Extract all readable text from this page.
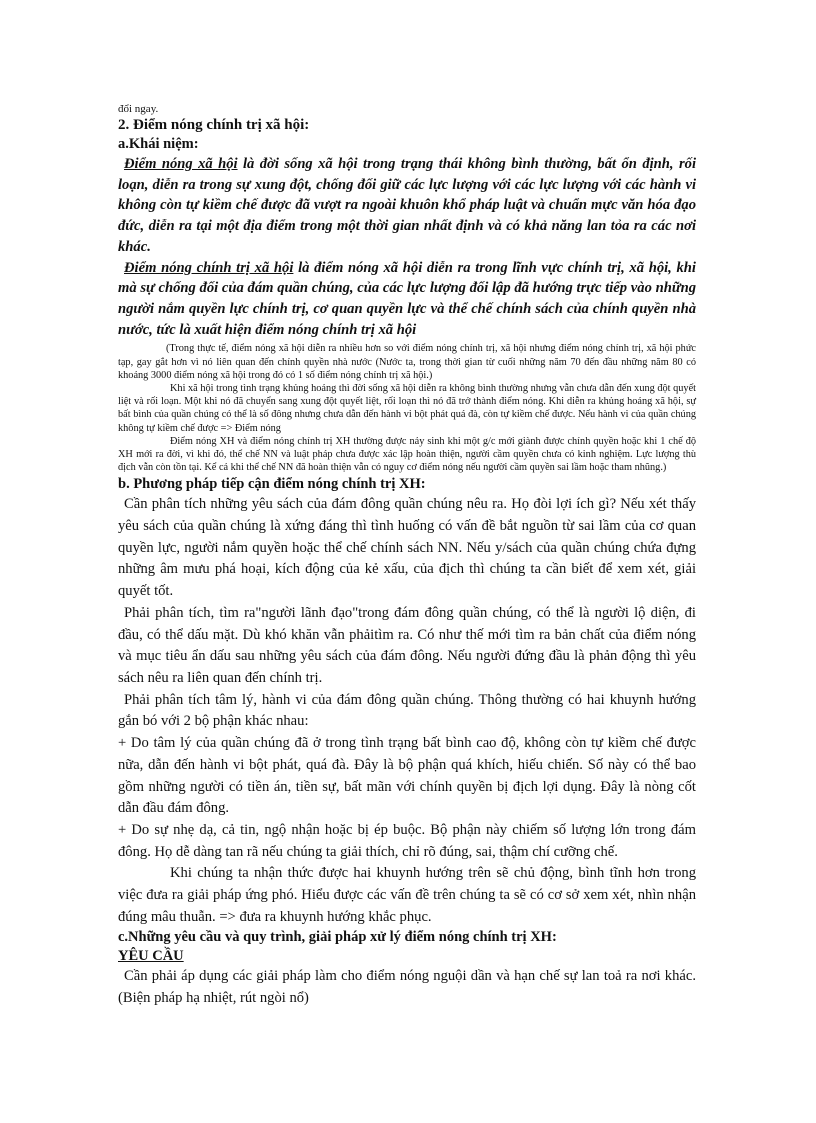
đổi ngay.

2. Điểm nóng chính trị xã hội:

a.Khái niệm:

Điểm nóng xã hội là đời sống xã hội trong trạng thái không bình thường, bất ổn định, rối loạn, diễn ra trong sự xung đột, chống đối giữ các lực lượng với các lực lượng với các hành vi không còn tự kiềm chế được đã vượt ra ngoài khuôn khổ pháp luật và chuẩn mực văn hóa đạo đức, diễn ra tại một địa điểm trong một thời gian nhất định và có khả năng lan tỏa ra các nơi khác.

Điểm nóng chính trị xã hội là điểm nóng xã hội diễn ra trong lĩnh vực chính trị, xã hội, khi mà sự chống đối của đám quần chúng, của các lực lượng đối lập đã hướng trực tiếp vào những người nắm quyền lực chính trị, cơ quan quyền lực và thể chế chính sách của chính quyền nhà nước, tức là xuất hiện điểm nóng chính trị xã hội

(Trong thực tế, điểm nóng xã hội diễn ra nhiều hơn so với điểm nóng chính trị, xã hội nhưng điểm nóng chính trị, xã hội phức tạp, gay gắt hơn vì nó liên quan đến chính quyền nhà nước (Nước ta, trong thời gian từ cuối những năm 70 đến đầu những năm 80 có khoảng 3000 điểm nóng xã hội trong đó có 1 số điểm nóng chính trị xã hội.)

Khi xã hội trong tình trạng khủng hoảng thì đời sống xã hội diễn ra không bình thường nhưng vẫn chưa dẫn đến xung đột quyết liệt và rối loạn. Một khi nó đã chuyển sang xung đột quyết liệt, rối loạn thì nó đã trở thành điểm nóng. Khi diễn ra khủng hoảng xã hội, sự bất bình của quần chúng có thể là số đông nhưng chưa dẫn đến hành vi bột phát quá đà, còn tự kiềm chế được. Nếu hành vi của quần chúng không tự kiềm chế được => Điểm nóng

Điểm nóng XH và điểm nóng chính trị XH thường được nảy sinh khi một g/c mới giành được chính quyền hoặc khi 1 chế độ XH mới ra đời, vì khi đó, thể chế NN và luật pháp chưa được xác lập hoàn thiện, người cầm quyền chưa có kinh nghiệm. Lực lượng thù địch vẫn còn tồn tại. Kể cả khi thể chế NN đã hoàn thiện vẫn có nguy cơ điểm nóng nếu người cầm quyền sai lầm hoặc tham nhũng.)

b. Phương pháp tiếp cận điểm nóng chính trị XH:

Cần phân tích những yêu sách của đám đông quần chúng nêu ra. Họ đòi lợi ích gì? Nếu xét thấy yêu sách của quần chúng là xứng đáng thì tình huống có vấn đề bắt nguồn từ sai lầm của cơ quan quyền lực, người nắm quyền hoặc thể chế chính sách NN. Nếu y/sách của quần chúng chứa đựng những âm mưu phá hoại, kích động của kẻ xấu, của địch thì chúng ta cần biết để xem xét, giải quyết tốt.

Phải phân tích, tìm ra"người lãnh đạo"trong đám đông quần chúng, có thể là người lộ diện, đi đầu, có thể dấu mặt. Dù khó khăn vẫn phảitìm ra. Có như thế mới tìm ra bản chất của điểm nóng và mục tiêu ẩn dấu sau những yêu sách của đám đông. Nếu người đứng đầu là phản động thì yêu sách nêu ra liên quan đến chính trị.

Phải phân tích tâm lý, hành vi của đám đông quần chúng. Thông thường có hai khuynh hướng gắn bó với 2 bộ phận khác nhau:

+ Do tâm lý của quần chúng đã ở trong tình trạng bất bình cao độ, không còn tự kiềm chế được nữa, dẫn đến hành vi bột phát, quá đà. Đây là bộ phận quá khích, hiếu chiến. Số này có thể bao gồm những người có tiền án, tiền sự, bất mãn với chính quyền bị địch lợi dụng. Đây là nòng cốt dẫn đầu đám đông.

+ Do sự nhẹ dạ, cả tin, ngộ nhận hoặc bị ép buộc. Bộ phận này chiếm số lượng lớn trong đám đông. Họ dễ dàng tan rã nếu chúng ta giải thích, chỉ rõ đúng, sai, thậm chí cưỡng chế.

Khi chúng ta nhận thức được hai khuynh hướng trên sẽ chủ động, bình tĩnh hơn trong việc đưa ra giải pháp ứng phó. Hiểu được các vấn đề trên chúng ta sẽ có cơ sở xem xét, nhìn nhận đúng mâu thuẫn. => đưa ra khuynh hướng khắc phục.

c.Những yêu cầu và quy trình, giải pháp xử lý điểm nóng chính trị XH:

YÊU CẦU

Cần phải áp dụng các giải pháp làm cho điểm nóng nguội dần và hạn chế sự lan toả ra nơi khác. (Biện pháp hạ nhiệt, rút ngòi nổ)
